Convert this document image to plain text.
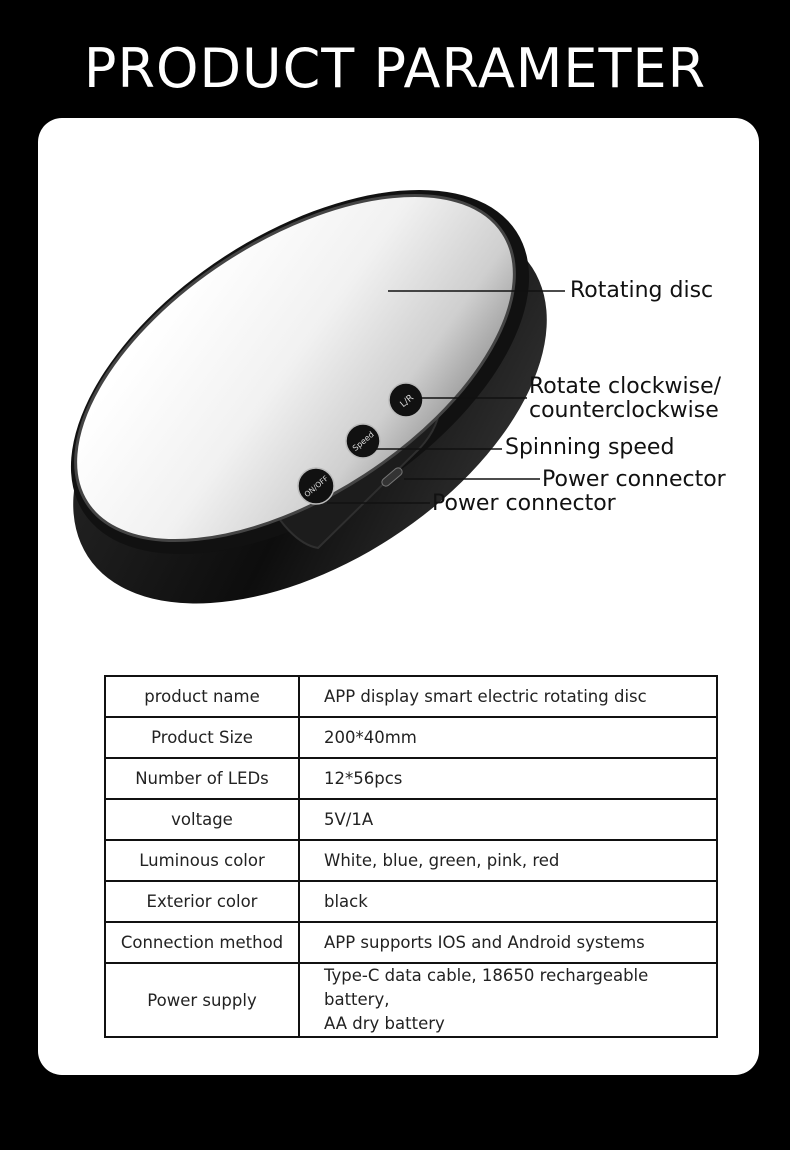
PRODUCT PARAMETER
L/R
Speed
ON/OFF
Rotating disc
Rotate clockwise/
counterclockwise
Spinning speed
Power connector
Power connector
product name	APP display smart electric rotating disc
Product Size	200*40mm
Number of LEDs	12*56pcs
voltage	5V/1A
Luminous color	White, blue, green, pink, red
Exterior color	black
Connection method	APP supports IOS and Android systems
Power supply	Type-C data cable, 18650 rechargeable battery,
AA dry battery
